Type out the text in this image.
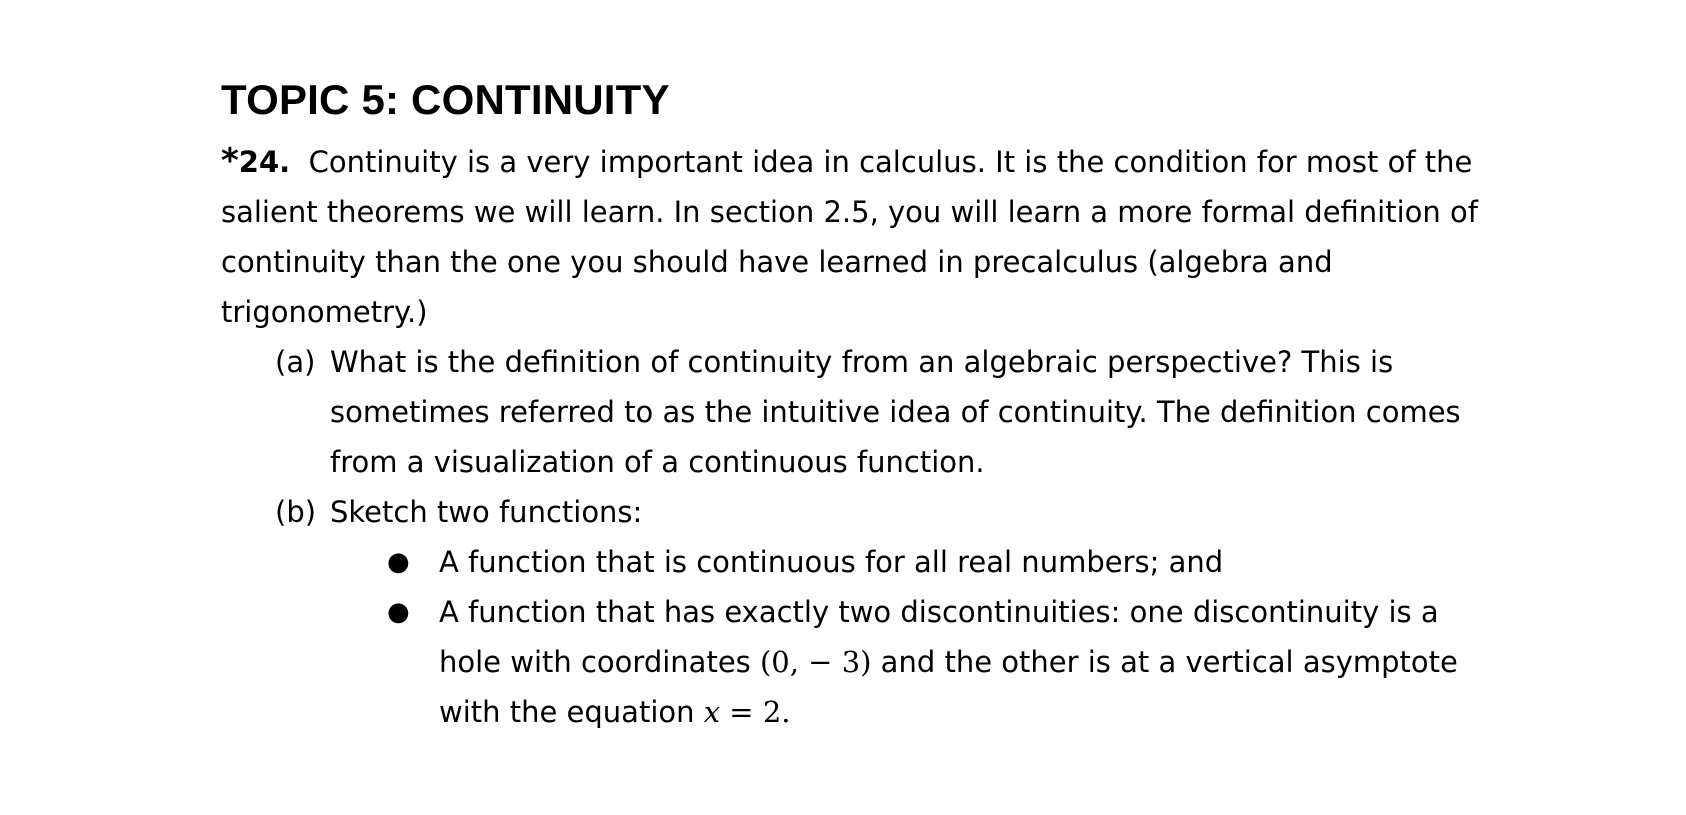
TOPIC 5: CONTINUITY

*24. Continuity is a very important idea in calculus. It is the condition for most of the salient theorems we will learn. In section 2.5, you will learn a more formal definition of continuity than the one you should have learned in precalculus (algebra and trigonometry.)

(a) What is the definition of continuity from an algebraic perspective? This is sometimes referred to as the intuitive idea of continuity. The definition comes from a visualization of a continuous function.
(b) Sketch two functions:
● A function that is continuous for all real numbers; and
● A function that has exactly two discontinuities: one discontinuity is a hole with coordinates (0, − 3) and the other is at a vertical asymptote with the equation x = 2.
